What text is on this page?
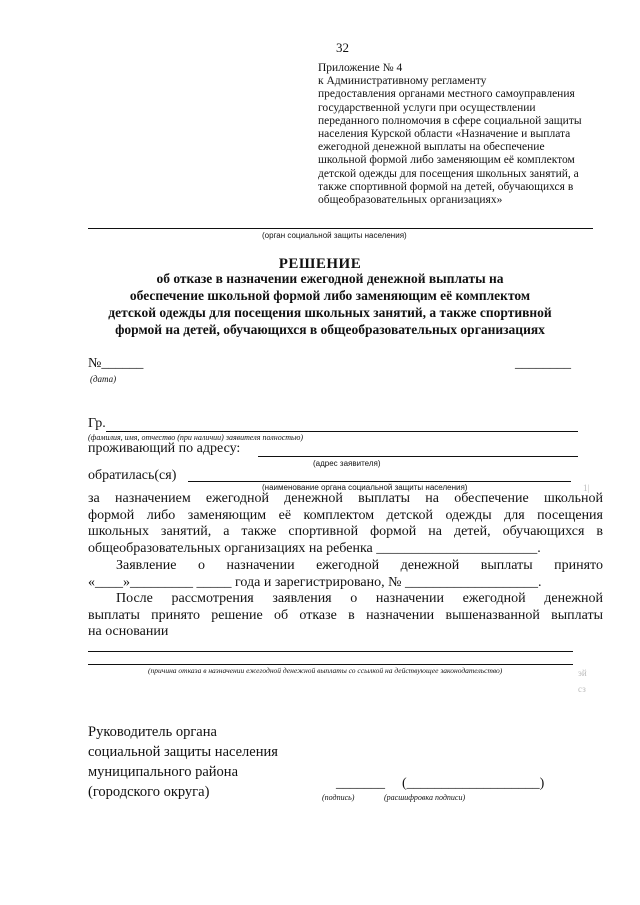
32
Приложение № 4
к Административному регламенту
предоставления органами местного самоуправления
государственной услуги при осуществлении
переданного полномочия в сфере социальной защиты
населения Курской области «Назначение и выплата
ежегодной денежной выплаты на обеспечение
школьной формой либо заменяющим её комплектом
детской одежды для посещения школьных занятий, а
также спортивной формой на детей, обучающихся в
общеобразовательных организациях»
(орган социальной защиты населения)
РЕШЕНИЕ
об отказе в назначении ежегодной денежной выплаты на
обеспечение школьной формой либо заменяющим её комплектом
детской одежды для посещения школьных занятий, а также спортивной
формой на детей, обучающихся в общеобразовательных организациях
№______
(дата)
________
Гр.
(фамилия, имя, отчество (при наличии) заявителя полностью)
проживающий по адресу:
(адрес заявителя)
обратилась(ся)
(наименование органа социальной защиты населения)	1|
за назначением ежегодной денежной выплаты на обеспечение школьной
формой либо заменяющим её комплектом детской одежды для посещения
школьных занятий, а также спортивной формой на детей, обучающихся в
общеобразовательных организациях на ребенка _______________________.
Заявление о назначении ежегодной денежной выплаты принято
«____»_________ _____ года и зарегистрировано, № ___________________.
После рассмотрения заявления о назначении ежегодной денежной
выплаты принято решение об отказе в назначении вышеназванной выплаты
на основании
(причина отказа в назначении ежегодной денежной выплаты со ссылкой на действующее законодательство)	эй
сз
Руководитель органа
социальной защиты населения
муниципального района
(городского округа)
_______ (___________________)
(подпись)	(расшифровка подписи)
